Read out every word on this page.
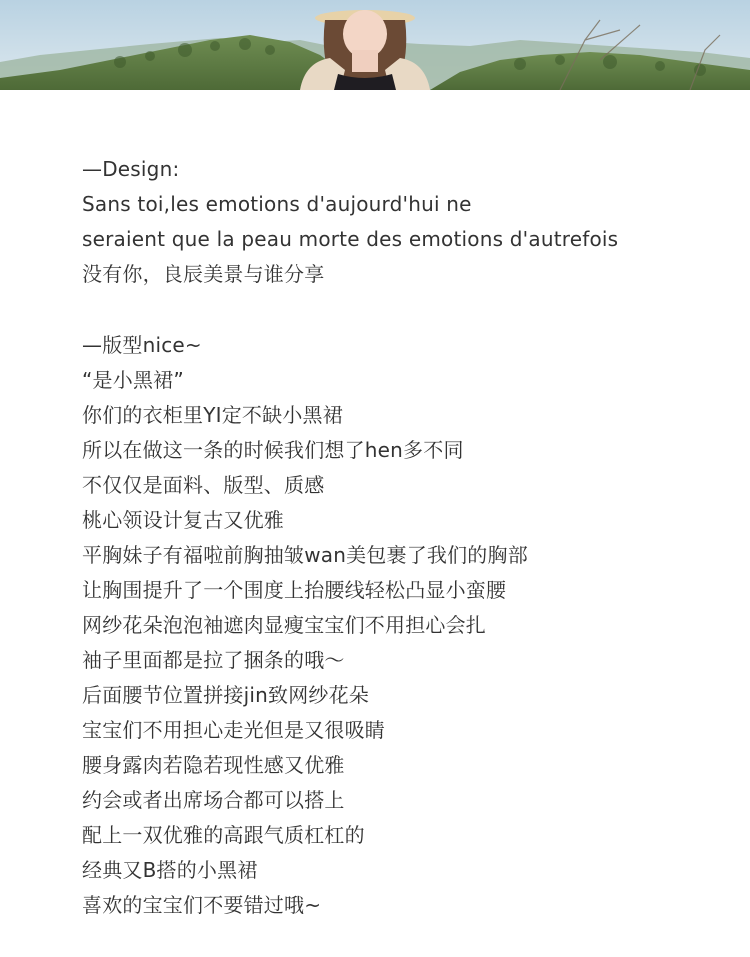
—Design:
Sans toi,les emotions d'aujourd'hui ne
seraient que la peau morte des emotions d'autrefois
没有你，良辰美景与谁分享
—版型nice~
“是小黑裙”
你们的衣柜里YI定不缺小黑裙
所以在做这一条的时候我们想了hen多不同
不仅仅是面料、版型、质感
桃心领设计复古又优雅
平胸妹子有福啦前胸抽皱wan美包裹了我们的胸部
让胸围提升了一个围度上抬腰线轻松凸显小蛮腰
网纱花朵泡泡袖遮肉显瘦宝宝们不用担心会扎
袖子里面都是拉了捆条的哦～
后面腰节位置拼接jin致网纱花朵
宝宝们不用担心走光但是又很吸睛
腰身露肉若隐若现性感又优雅
约会或者出席场合都可以搭上
配上一双优雅的高跟气质杠杠的
经典又B搭的小黑裙
喜欢的宝宝们不要错过哦~
